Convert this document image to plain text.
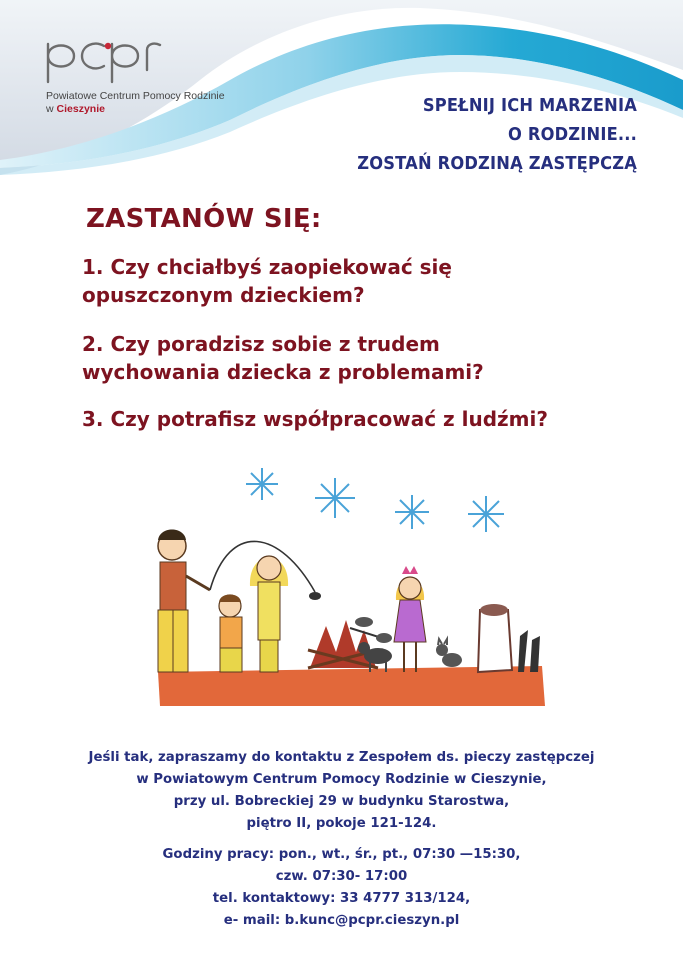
Powiatowe Centrum Pomocy Rodzinie
w Cieszynie	SPEŁNIJ ICH MARZENIA
O RODZINIE...
ZOSTAŃ RODZINĄ ZASTĘPCZĄ
ZASTANÓW SIĘ:
1. Czy chciałbyś zaopiekować się
opuszczonym dzieckiem?
2. Czy poradzisz sobie z trudem
wychowania dziecka z problemami?
3. Czy potrafisz współpracować z ludźmi?
Jeśli tak, zapraszamy do kontaktu z Zespołem ds. pieczy zastępczej
w Powiatowym Centrum Pomocy Rodzinie w Cieszynie,
przy ul. Bobreckiej 29 w budynku Starostwa,
piętro II, pokoje 121-124.
Godziny pracy: pon., wt., śr., pt., 07:30 —15:30,
czw. 07:30- 17:00
tel. kontaktowy: 33 4777 313/124,
e- mail: b.kunc@pcpr.cieszyn.pl
